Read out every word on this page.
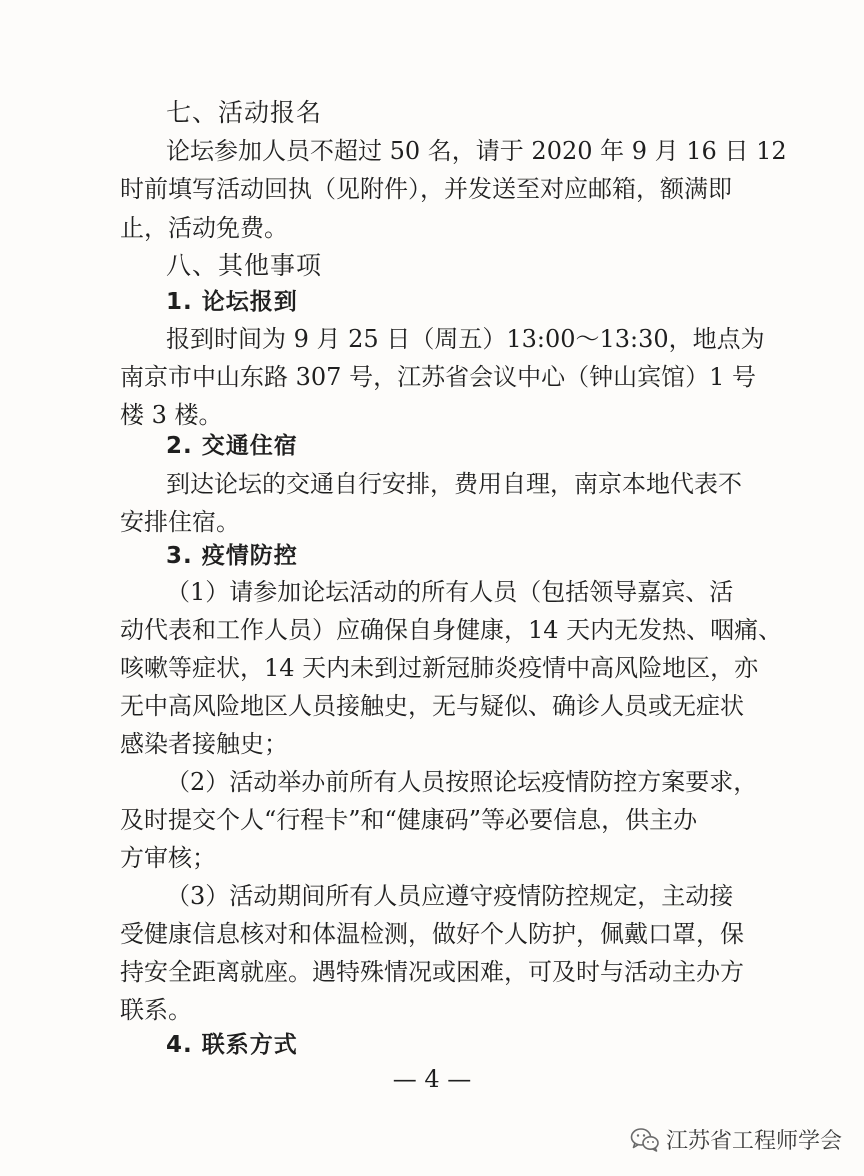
七、活动报名
论坛参加人员不超过 50 名，请于 2020 年 9 月 16 日 12
时前填写活动回执（见附件），并发送至对应邮箱，额满即
止，活动免费。
八、其他事项
1. 论坛报到
报到时间为 9 月 25 日（周五）13:00～13:30，地点为
南京市中山东路 307 号，江苏省会议中心（钟山宾馆）1 号
楼 3 楼。
2. 交通住宿
到达论坛的交通自行安排，费用自理，南京本地代表不
安排住宿。
3. 疫情防控
（1）请参加论坛活动的所有人员（包括领导嘉宾、活
动代表和工作人员）应确保自身健康，14 天内无发热、咽痛、
咳嗽等症状，14 天内未到过新冠肺炎疫情中高风险地区，亦
无中高风险地区人员接触史，无与疑似、确诊人员或无症状
感染者接触史；
（2）活动举办前所有人员按照论坛疫情防控方案要求，
及时提交个人“行程卡”和“健康码”等必要信息，供主办
方审核；
（3）活动期间所有人员应遵守疫情防控规定，主动接
受健康信息核对和体温检测，做好个人防护，佩戴口罩，保
持安全距离就座。遇特殊情况或困难，可及时与活动主办方
联系。
4. 联系方式
— 4 —
江苏省工程师学会
